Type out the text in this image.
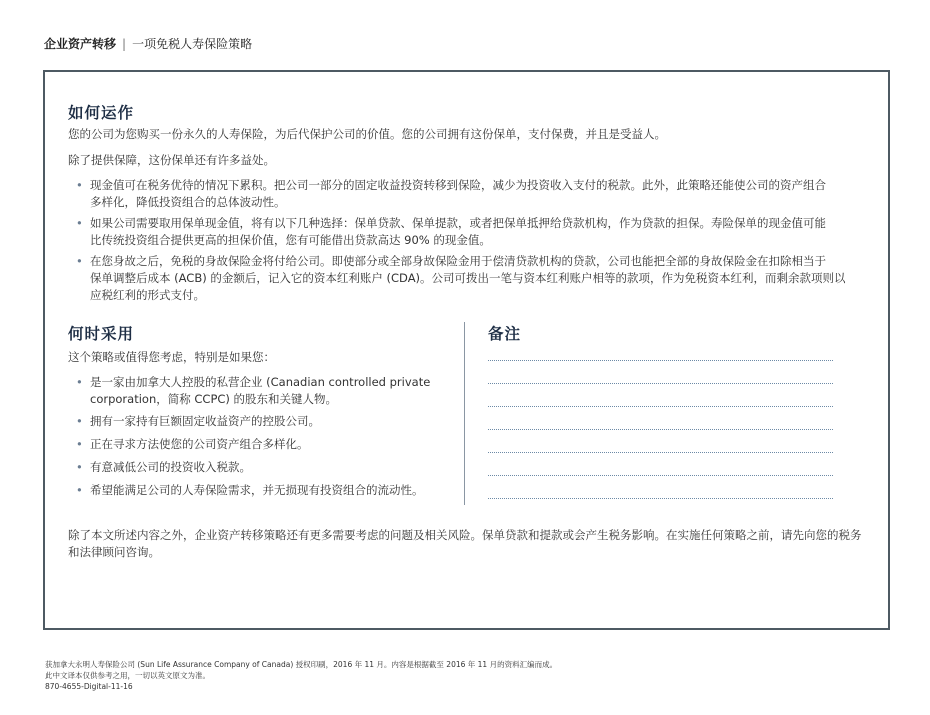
企业资产转移 | 一项免税人寿保险策略
如何运作
您的公司为您购买一份永久的人寿保险，为后代保护公司的价值。您的公司拥有这份保单，支付保费，并且是受益人。
除了提供保障，这份保单还有许多益处。
• 现金值可在税务优待的情况下累积。把公司一部分的固定收益投资转移到保险，减少为投资收入支付的税款。此外，此策略还能使公司的资产组合
多样化，降低投资组合的总体波动性。
• 如果公司需要取用保单现金值，将有以下几种选择：保单贷款、保单提款，或者把保单抵押给贷款机构，作为贷款的担保。寿险保单的现金值可能
比传统投资组合提供更高的担保价值，您有可能借出贷款高达 90% 的现金值。
• 在您身故之后，免税的身故保险金将付给公司。即使部分或全部身故保险金用于偿清贷款机构的贷款，公司也能把全部的身故保险金在扣除相当于
保单调整后成本 (ACB) 的金额后，记入它的资本红利账户 (CDA)。公司可拨出一笔与资本红利账户相等的款项，作为免税资本红利，而剩余款项则以
应税红利的形式支付。
何时采用
这个策略或值得您考虑，特别是如果您：
• 是一家由加拿大人控股的私营企业 (Canadian controlled private
corporation，简称 CCPC) 的股东和关键人物。
• 拥有一家持有巨额固定收益资产的控股公司。
• 正在寻求方法使您的公司资产组合多样化。
• 有意减低公司的投资收入税款。
• 希望能满足公司的人寿保险需求，并无损现有投资组合的流动性。
备注
除了本文所述内容之外，企业资产转移策略还有更多需要考虑的问题及相关风险。保单贷款和提款或会产生税务影响。在实施任何策略之前，请先向您的税务
和法律顾问咨询。
获加拿大永明人寿保险公司 (Sun Life Assurance Company of Canada) 授权印刷，2016 年 11 月。内容是根据截至 2016 年 11 月的资料汇编而成。
此中文译本仅供参考之用，一切以英文原文为准。
870-4655-Digital-11-16
